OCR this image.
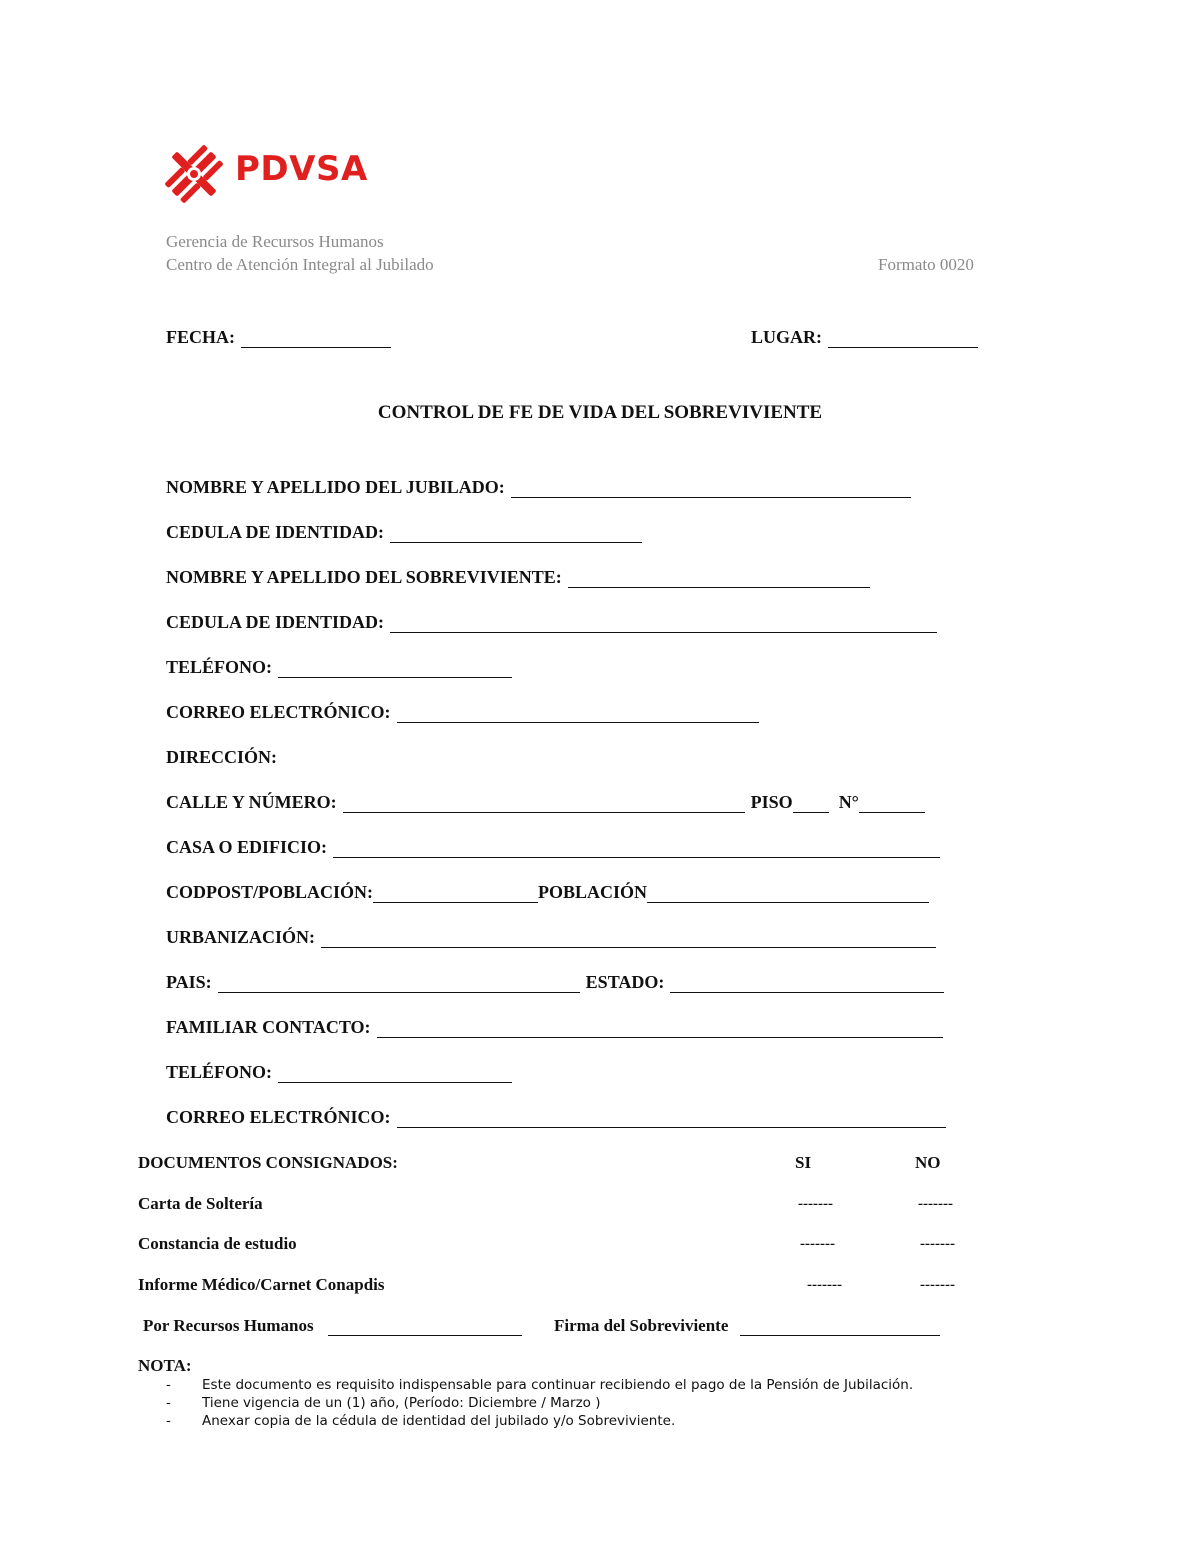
PDVSA
Gerencia de Recursos Humanos
Centro de Atención Integral al Jubilado	Formato 0020
FECHA:	LUGAR:
CONTROL DE FE DE VIDA DEL SOBREVIVIENTE
NOMBRE Y APELLIDO DEL JUBILADO:
CEDULA DE IDENTIDAD:
NOMBRE Y APELLIDO DEL SOBREVIVIENTE:
CEDULA DE IDENTIDAD:
TELÉFONO:
CORREO ELECTRÓNICO:
DIRECCIÓN:
CALLE Y NÚMERO:	PISO	N°
CASA O EDIFICIO:
CODPOST/POBLACIÓN:	POBLACIÓN
URBANIZACIÓN:
PAIS:	ESTADO:
FAMILIAR CONTACTO:
TELÉFONO:
CORREO ELECTRÓNICO:
DOCUMENTOS CONSIGNADOS:	SI	NO
Carta de Soltería	-------	-------
Constancia de estudio	-------	-------
Informe Médico/Carnet Conapdis	-------	-------
Por Recursos Humanos	Firma del Sobreviviente
NOTA:
-	Este documento es requisito indispensable para continuar recibiendo el pago de la Pensión de Jubilación.
-	Tiene vigencia de un (1) año, (Período: Diciembre / Marzo )
-	Anexar copia de la cédula de identidad del jubilado y/o Sobreviviente.
